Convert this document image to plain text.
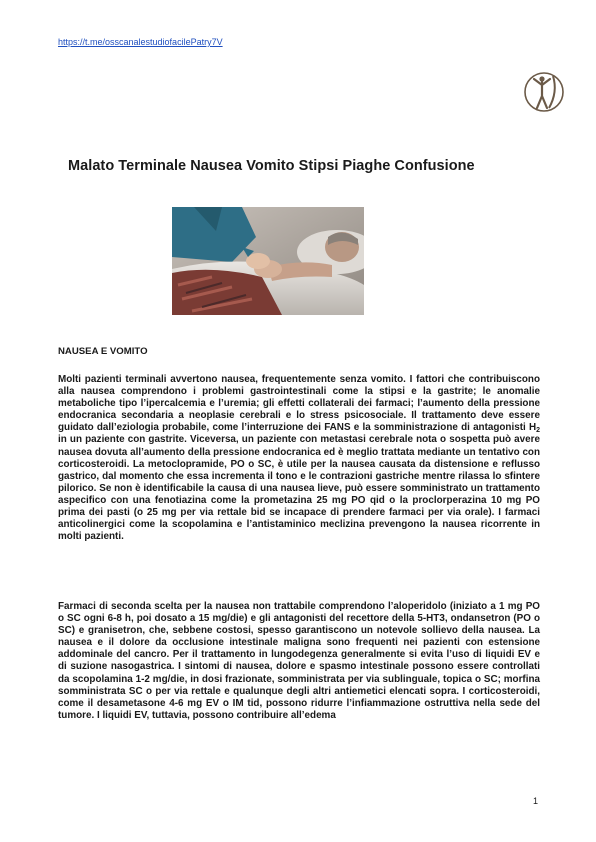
https://t.me/osscanalestudiofacilePatry7V
Malato Terminale Nausea Vomito Stipsi Piaghe Confusione
NAUSEA E VOMITO

Molti pazienti terminali avvertono nausea, frequentemente senza vomito. I fattori che contribuiscono alla nausea comprendono i problemi gastrointestinali come la stipsi e la gastrite; le anomalie metaboliche tipo l’ipercalcemia e l’uremia; gli effetti collaterali dei farmaci; l’aumento della pressione endocranica secondaria a neoplasie cerebrali e lo stress psicosociale. Il trattamento deve essere guidato dall’eziologia probabile, come l’interruzione dei FANS e la somministrazione di antagonisti $H_2$ in un paziente con gastrite. Viceversa, un paziente con metastasi cerebrale nota o sospetta può avere nausea dovuta all’aumento della pressione endocranica ed è meglio trattata mediante un tentativo con corticosteroidi. La metoclopramide, PO o SC, è utile per la nausea causata da distensione e reflusso gastrico, dal momento che essa incrementa il tono e le contrazioni gastriche mentre rilassa lo sfintere pilorico. Se non è identificabile la causa di una nausea lieve, può essere somministrato un trattamento aspecifico con una fenotiazina come la prometazina 25 mg PO qid o la proclorperazina 10 mg PO prima dei pasti (o 25 mg per via rettale bid se incapace di prendere farmaci per via orale). I farmaci anticolinergici come la scopolamina e l’antistaminico meclizina prevengono la nausea ricorrente in molti pazienti.

Farmaci di seconda scelta per la nausea non trattabile comprendono l’aloperidolo (iniziato a 1 mg PO o SC ogni 6-8 h, poi dosato a 15 mg/die) e gli antagonisti del recettore della 5-HT3, ondansetron (PO o SC) e granisetron, che, sebbene costosi, spesso garantiscono un notevole sollievo della nausea. La nausea e il dolore da occlusione intestinale maligna sono frequenti nei pazienti con estensione addominale del cancro. Per il trattamento in lungodegenza generalmente si evita l’uso di liquidi EV e di suzione nasogastrica. I sintomi di nausea, dolore e spasmo intestinale possono essere controllati da scopolamina 1-2 mg/die, in dosi frazionate, somministrata per via sublinguale, topica o SC; morfina somministrata SC o per via rettale e qualunque degli altri antiemetici elencati sopra. I corticosteroidi, come il desametasone 4-6 mg EV o IM tid, possono ridurre l’infiammazione ostruttiva nella sede del tumore. I liquidi EV, tuttavia, possono contribuire all’edema

1
